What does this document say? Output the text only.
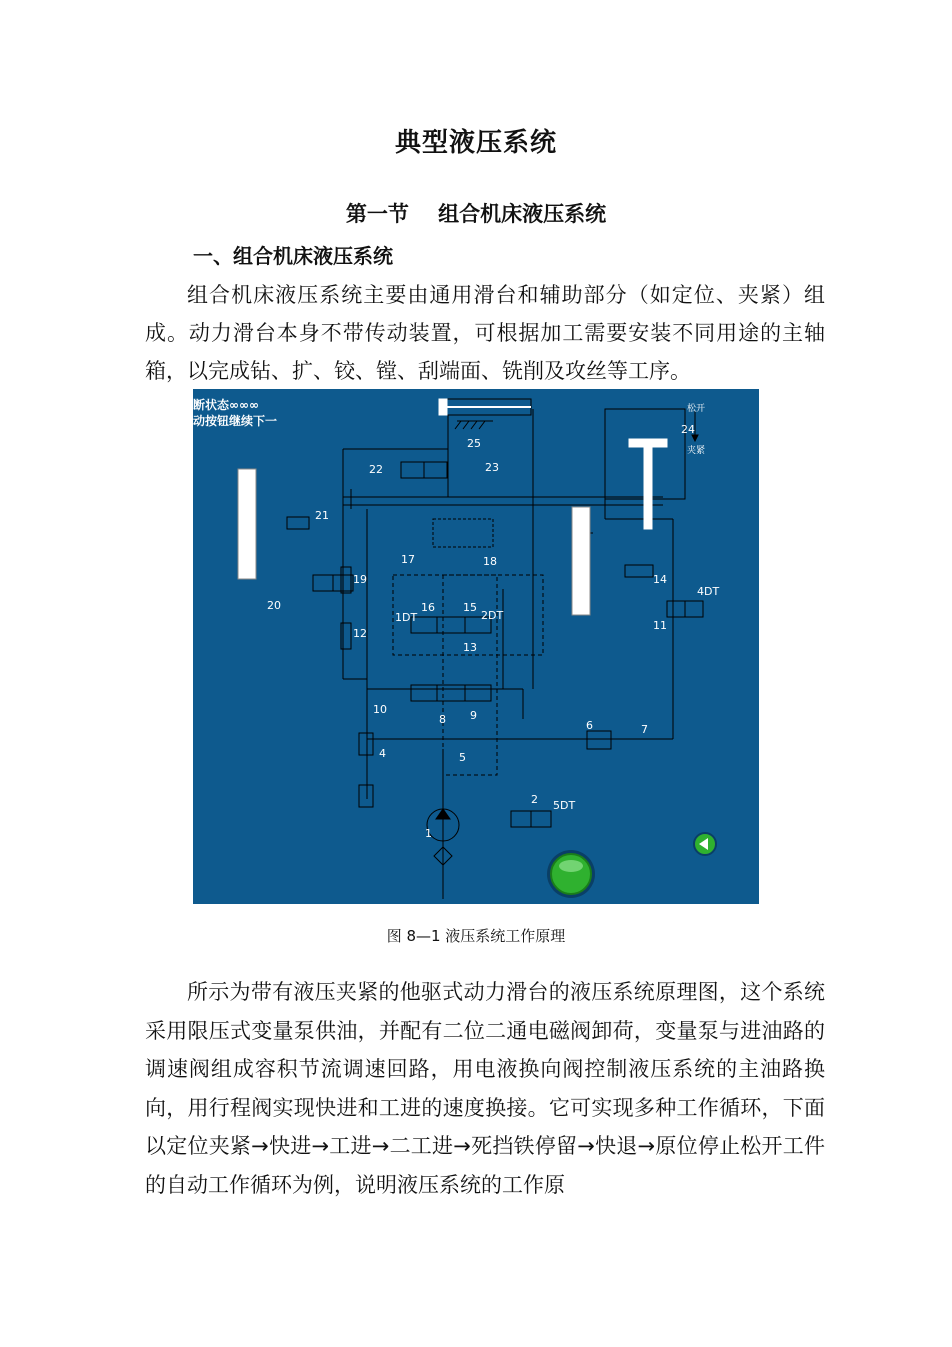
典型液压系统
第一节    组合机床液压系统
一、组合机床液压系统

组合机床液压系统主要由通用滑台和辅助部分（如定位、夹紧）组成。动力滑台本身不带传动装置，可根据加工需要安装不同用途的主轴箱，以完成钻、扩、铰、镗、刮端面、铣削及攻丝等工序。

断状态∞∞∞
动按钮继续下一
松开
夹紧
1
2
4	5
6	7
8 9
10
11
12
13
14
15
16
17	18
19
20
21
22	23
24
25
1DT	2DT
4DT
5DT
图 8—1 液压系统工作原理

所示为带有液压夹紧的他驱式动力滑台的液压系统原理图，这个系统采用限压式变量泵供油，并配有二位二通电磁阀卸荷，变量泵与进油路的调速阀组成容积节流调速回路，用电液换向阀控制液压系统的主油路换向，用行程阀实现快进和工进的速度换接。它可实现多种工作循环，下面以定位夹紧→快进→工进→二工进→死挡铁停留→快退→原位停止松开工件的自动工作循环为例，说明液压系统的工作原
